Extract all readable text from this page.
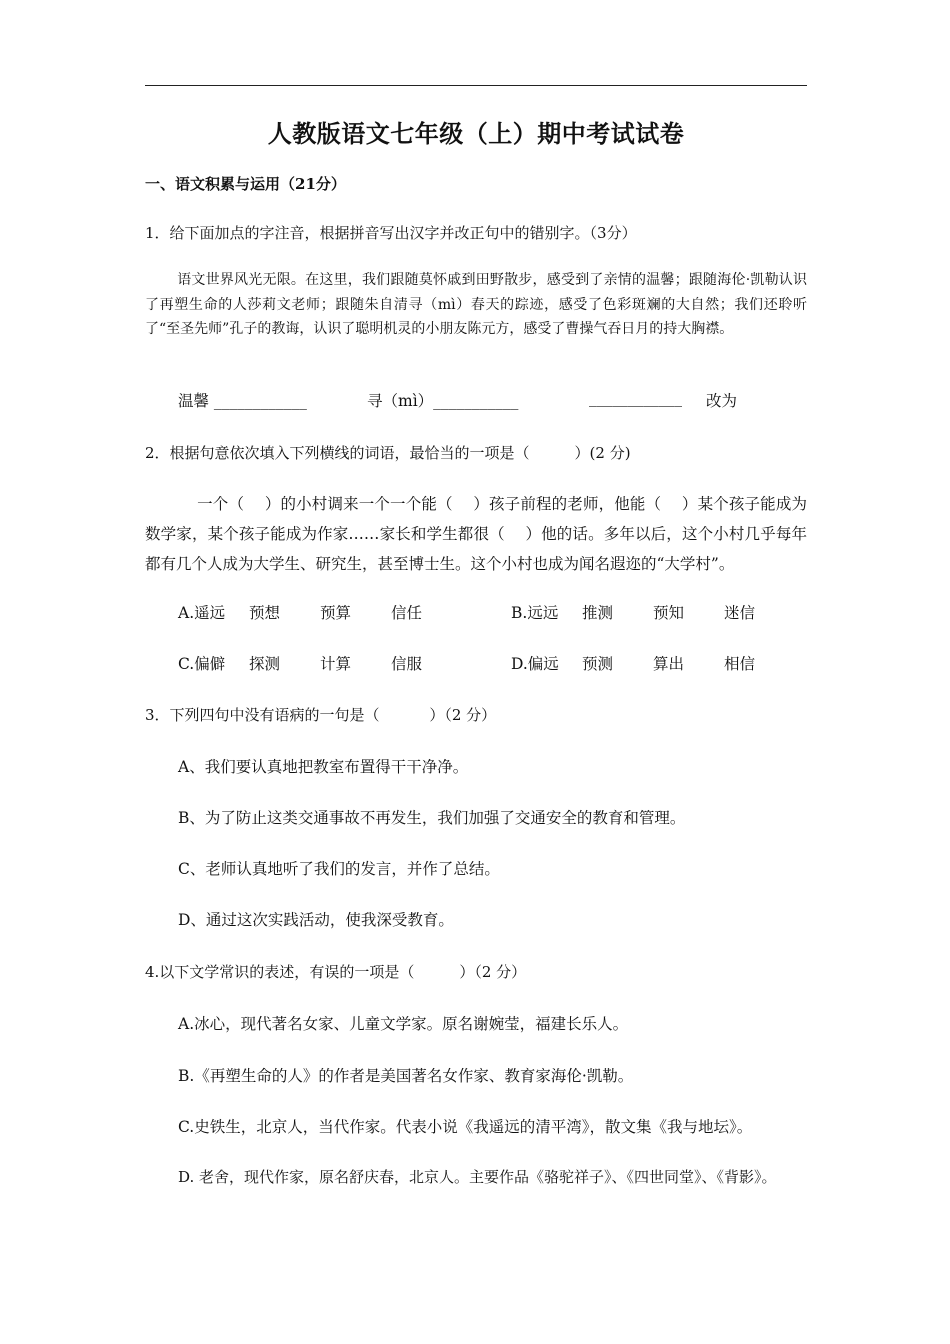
人教版语文七年级（上）期中考试试卷
一、语文积累与运用（21分）
1．给下面加点的字注音，根据拼音写出汉字并改正句中的错别字。（3分）
语文世界风光无限。在这里，我们跟随莫怀戚到田野散步，感受到了亲情的温馨；跟随海伦·凯勒认识了再塑生命的人莎莉文老师；跟随朱自清寻（mì）春天的踪迹，感受了色彩斑斓的大自然；我们还聆听了“至圣先师”孔子的教诲，认识了聪明机灵的小朋友陈元方，感受了曹操气吞日月的持大胸襟。
温馨 ____________	寻（mì）___________	____________ 改为
2．根据句意依次填入下列横线的词语，最恰当的一项是（　　　）(2 分)
一个（　 ）的小村调来一个一个能（　 ）孩子前程的老师，他能（　 ）某个孩子能成为数学家，某个孩子能成为作家……家长和学生都很（　 ）他的话。多年以后，这个小村几乎每年都有几个人成为大学生、研究生，甚至博士生。这个小村也成为闻名遐迩的“大学村”。
A.遥远 预想	预算	信任	B.远远 推测	预知	迷信
C.偏僻 探测	计算	信服	D.偏远 预测	算出	相信
3．下列四句中没有语病的一句是（　　　 ）（2 分）
A、我们要认真地把教室布置得干干净净。
B、为了防止这类交通事故不再发生，我们加强了交通安全的教育和管理。
C、老师认真地听了我们的发言，并作了总结。
D、通过这次实践活动，使我深受教育。
4.以下文学常识的表述，有误的一项是（　　　）（2 分）
A.冰心，现代著名女家、儿童文学家。原名谢婉莹，福建长乐人。
B.《再塑生命的人》的作者是美国著名女作家、教育家海伦·凯勒。
C.史铁生，北京人，当代作家。代表小说《我遥远的清平湾》，散文集《我与地坛》。
D. 老舍，现代作家，原名舒庆春，北京人。主要作品《骆驼祥子》、《四世同堂》、《背影》。
